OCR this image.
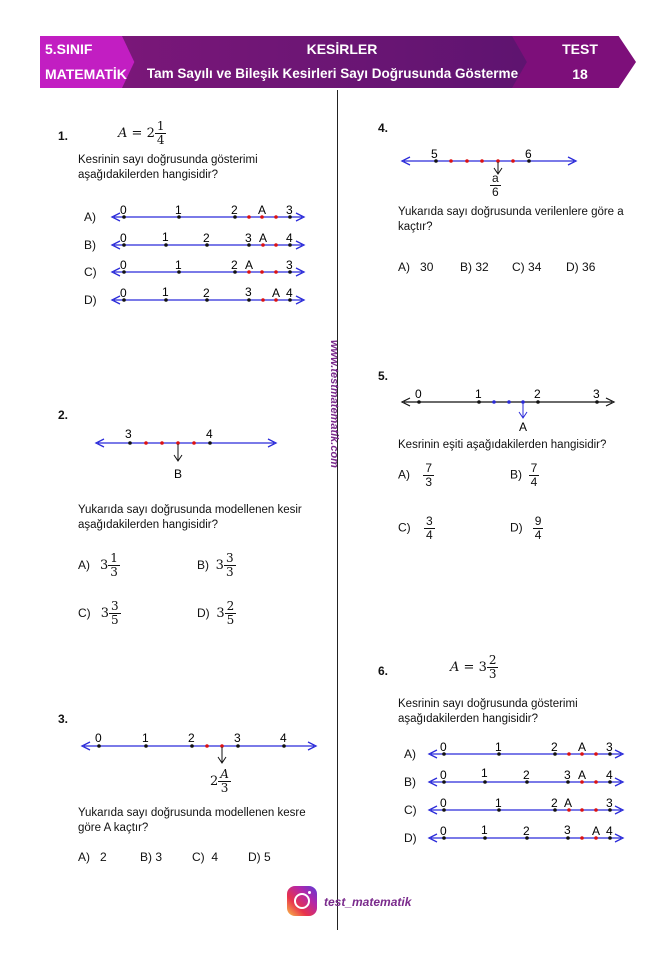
5.SINIF
MATEMATİK
KESİRLER
Tam Sayılı ve Bileşik Kesirleri Sayı Doğrusunda Gösterme
TEST
18
www.testmatematik.com
1.	$A = 2 \frac{1}{4}$
Kesrinin sayı doğrusunda gösterimi aşağıdakilerden hangisidir?
0	1	2 A 3
0	1	2	3 A 4
0	1	2 A	3
0	1	2	3 A 4
A)
B)
C)
D)
2.
3	4
B
Yukarıda sayı doğrusunda modellenen kesir aşağıdakilerden hangisidir?
A) $3 \frac{1}{3}$	B) $3 \frac{3}{3}$
C) $3 \frac{3}{5}$	D) $3 \frac{2}{5}$
3.
0	1	2	3	4
$2 \frac{A}{3}$
Yukarıda sayı doğrusunda modellenen kesre göre A kaçtır?
A) 2	B) 3 C) 4 D) 5
4.
5	6
$\frac{a}{6}$
Yukarıda sayı doğrusunda verilenlere göre a kaçtır?
A) 30 B) 32 C) 34 D) 36
5.
0	1	2	3
A
Kesrinin eşiti aşağıdakilerden hangisidir?
$A) \frac{7}{3}$	$B) \frac{7}{4}$
$C) \frac{3}{4}$	$D) \frac{9}{4}$
6.	$A = 3 \frac{2}{3}$
Kesrinin sayı doğrusunda gösterimi aşağıdakilerden hangisidir?
0	1	2 A 3
0	1	2	3 A 4
0	1	2 A	3
0	1	2	3 A 4
A)
B)
C)
D)
test_matematik
